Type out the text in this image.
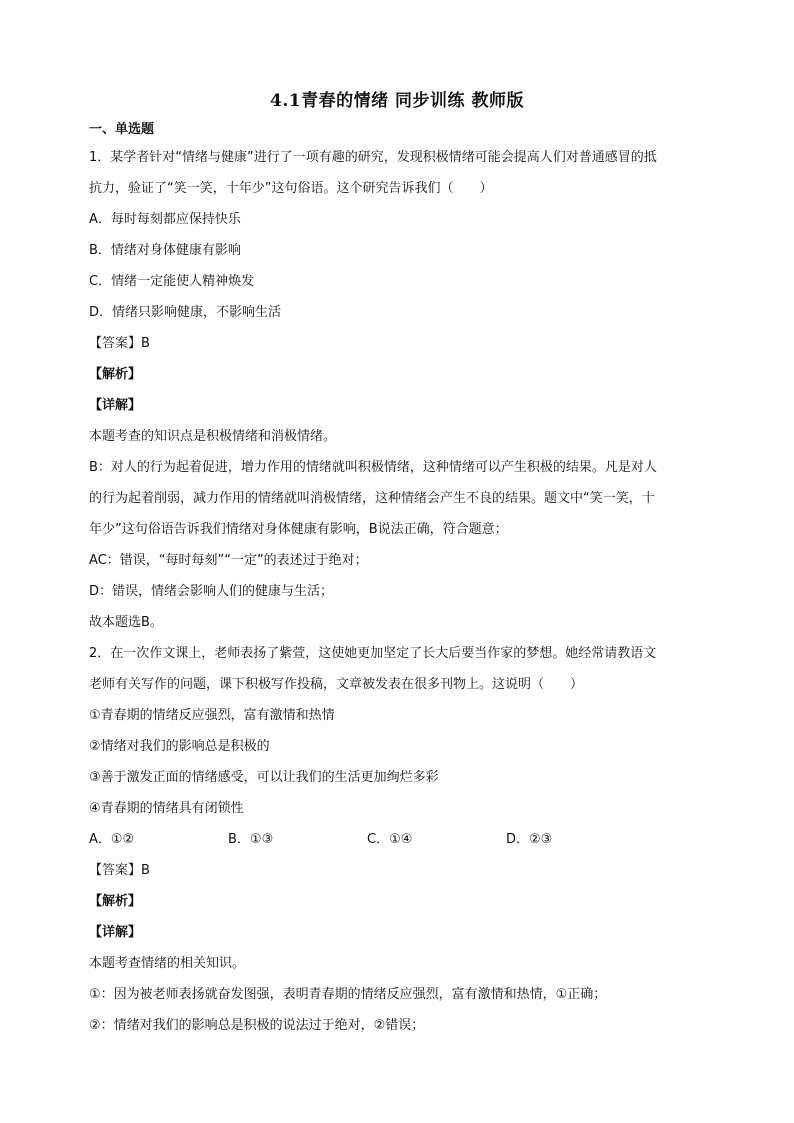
4.1青春的情绪 同步训练 教师版
一、单选题
1．某学者针对“情绪与健康”进行了一项有趣的研究，发现积极情绪可能会提高人们对普通感冒的抵
抗力，验证了“笑一笑，十年少”这句俗语。这个研究告诉我们（　　）
A．每时每刻都应保持快乐
B．情绪对身体健康有影响
C．情绪一定能使人精神焕发
D．情绪只影响健康，不影响生活
【答案】B
【解析】
【详解】
本题考查的知识点是积极情绪和消极情绪。
B：对人的行为起着促进，增力作用的情绪就叫积极情绪，这种情绪可以产生积极的结果。凡是对人
的行为起着削弱，减力作用的情绪就叫消极情绪，这种情绪会产生不良的结果。题文中“笑一笑，十
年少”这句俗语告诉我们情绪对身体健康有影响，B说法正确，符合题意；
AC：错误，“每时每刻”“一定”的表述过于绝对；
D：错误，情绪会影响人们的健康与生活；
故本题选B。
2．在一次作文课上，老师表扬了紫萱，这使她更加坚定了长大后要当作家的梦想。她经常请教语文
老师有关写作的问题，课下积极写作投稿，文章被发表在很多刊物上。这说明（　　）
①青春期的情绪反应强烈，富有激情和热情
②情绪对我们的影响总是积极的
③善于激发正面的情绪感受，可以让我们的生活更加绚烂多彩
④青春期的情绪具有闭锁性
A．①②	B．①③	C．①④	D．②③
【答案】B
【解析】
【详解】
本题考查情绪的相关知识。
①：因为被老师表扬就奋发图强，表明青春期的情绪反应强烈，富有激情和热情，①正确；
②：情绪对我们的影响总是积极的说法过于绝对，②错误；
